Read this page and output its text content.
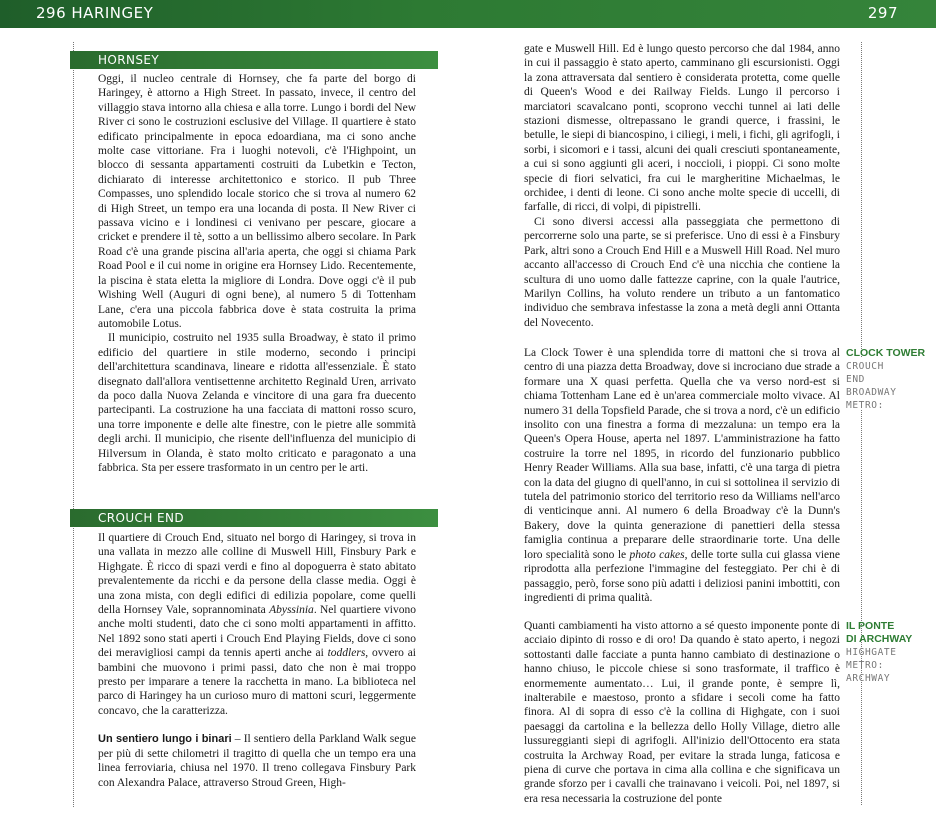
296 HARINGEY	297
HORNSEY

Oggi, il nucleo centrale di Hornsey, che fa parte del borgo di Haringey, è attorno a High Street. In passato, invece, il centro del villaggio stava intorno alla chiesa e alla torre. Lungo i bordi del New River ci sono le costruzioni esclusive del Village. Il quartiere è stato edificato principalmente in epoca edoardiana, ma ci sono anche molte case vittoriane. Fra i luoghi notevoli, c'è l'Highpoint, un blocco di sessanta appartamenti costruiti da Lubetkin e Tecton, dichiarato di interesse architettonico e storico. Il pub Three Compasses, uno splendido locale storico che si trova al numero 62 di High Street, un tempo era una locanda di posta. Il New River ci passava vicino e i londinesi ci venivano per pescare, giocare a cricket e prendere il tè, sotto a un bellissimo albero secolare. In Park Road c'è una grande piscina all'aria aperta, che oggi si chiama Park Road Pool e il cui nome in origine era Hornsey Lido. Recentemente, la piscina è stata eletta la migliore di Londra. Dove oggi c'è il pub Wishing Well (Auguri di ogni bene), al numero 5 di Tottenham Lane, c'era una piccola fabbrica dove è stata costruita la prima automobile Lotus.

Il municipio, costruito nel 1935 sulla Broadway, è stato il primo edificio del quartiere in stile moderno, secondo i principi dell'architettura scandinava, lineare e ridotta all'essenziale. È stato disegnato dall'allora ventisettenne architetto Reginald Uren, arrivato da poco dalla Nuova Zelanda e vincitore di una gara fra duecento partecipanti. La costruzione ha una facciata di mattoni rosso scuro, una torre imponente e delle alte finestre, con le pietre alle sommità degli archi. Il municipio, che risente dell'influenza del municipio di Hilversum in Olanda, è stato molto criticato e paragonato a una fabbrica. Sta per essere trasformato in un centro per le arti.

CROUCH END

Il quartiere di Crouch End, situato nel borgo di Haringey, si trova in una vallata in mezzo alle colline di Muswell Hill, Finsbury Park e Highgate. È ricco di spazi verdi e fino al dopoguerra è stato abitato prevalentemente da ricchi e da persone della classe media. Oggi è una zona mista, con degli edifici di edilizia popolare, come quelli della Hornsey Vale, soprannominata Abyssinia. Nel quartiere vivono anche molti studenti, dato che ci sono molti appartamenti in affitto. Nel 1892 sono stati aperti i Crouch End Playing Fields, dove ci sono dei meravigliosi campi da tennis aperti anche ai toddlers, ovvero ai bambini che muovono i primi passi, dato che non è mai troppo presto per imparare a tenere la racchetta in mano. La biblioteca nel parco di Haringey ha un curioso muro di mattoni scuri, leggermente concavo, che la caratterizza.

Un sentiero lungo i binari – Il sentiero della Parkland Walk segue per più di sette chilometri il tragitto di quella che un tempo era una linea ferroviaria, chiusa nel 1970. Il treno collegava Finsbury Park con Alexandra Palace, attraverso Stroud Green, High-

gate e Muswell Hill. Ed è lungo questo percorso che dal 1984, anno in cui il passaggio è stato aperto, camminano gli escursionisti. Oggi la zona attraversata dal sentiero è considerata protetta, come quelle di Queen's Wood e dei Railway Fields. Lungo il percorso i marciatori scavalcano ponti, scoprono vecchi tunnel ai lati delle stazioni dismesse, oltrepassano le grandi querce, i frassini, le betulle, le siepi di biancospino, i ciliegi, i meli, i fichi, gli agrifogli, i sorbi, i sicomori e i tassi, alcuni dei quali cresciuti spontaneamente, a cui si sono aggiunti gli aceri, i noccioli, i pioppi. Ci sono molte specie di fiori selvatici, fra cui le margheritine Michaelmas, le orchidee, i denti di leone. Ci sono anche molte specie di uccelli, di farfalle, di ricci, di volpi, di pipistrelli.

Ci sono diversi accessi alla passeggiata che permettono di percorrerne solo una parte, se si preferisce. Uno di essi è a Finsbury Park, altri sono a Crouch End Hill e a Muswell Hill Road. Nel muro accanto all'accesso di Crouch End c'è una nicchia che contiene la scultura di uno uomo dalle fattezze caprine, con la quale l'autrice, Marilyn Collins, ha voluto rendere un tributo a un fantomatico individuo che sembrava infestasse la zona a metà degli anni Ottanta del Novecento.

La Clock Tower è una splendida torre di mattoni che si trova al centro di una piazza detta Broadway, dove si incrociano due strade a formare una X quasi perfetta. Quella che va verso nord-est si chiama Tottenham Lane ed è un'area commerciale molto vivace. Al numero 31 della Topsfield Parade, che si trova a nord, c'è un edificio insolito con una finestra a forma di mezzaluna: un tempo era la Queen's Opera House, aperta nel 1897. L'amministrazione ha fatto costruire la torre nel 1895, in ricordo del funzionario pubblico Henry Reader Williams. Alla sua base, infatti, c'è una targa di pietra con la data del giugno di quell'anno, in cui si sottolinea il servizio di tutela del patrimonio storico del territorio reso da Williams nell'arco di venticinque anni. Al numero 6 della Broadway c'è la Dunn's Bakery, dove la quinta generazione di panettieri della stessa famiglia continua a preparare delle straordinarie torte. Una delle loro specialità sono le photo cakes, delle torte sulla cui glassa viene riprodotta alla perfezione l'immagine del festeggiato. Per chi è di passaggio, però, forse sono più adatti i deliziosi panini imbottiti, con ingredienti di prima qualità.

Quanti cambiamenti ha visto attorno a sé questo imponente ponte di acciaio dipinto di rosso e di oro! Da quando è stato aperto, i negozi sottostanti dalle facciate a punta hanno cambiato di destinazione o hanno chiuso, le piccole chiese si sono trasformate, il traffico è enormemente aumentato… Lui, il grande ponte, è sempre lì, inalterabile e maestoso, pronto a sfidare i secoli come ha fatto finora. Al di sopra di esso c'è la collina di Highgate, con i suoi paesaggi da cartolina e la bellezza dello Holly Village, dietro alle lussureggianti siepi di agrifogli. All'inizio dell'Ottocento era stata costruita la Archway Road, per evitare la strada lunga, faticosa e piena di curve che portava in cima alla collina e che significava un grande sforzo per i cavalli che trainavano i veicoli. Poi, nel 1897, si era resa necessaria la costruzione del ponte

CLOCK TOWER
CROUCH
END
BROADWAY
METRO:
IL PONTE
DI ARCHWAY
HIGHGATE
METRO:
ARCHWAY
